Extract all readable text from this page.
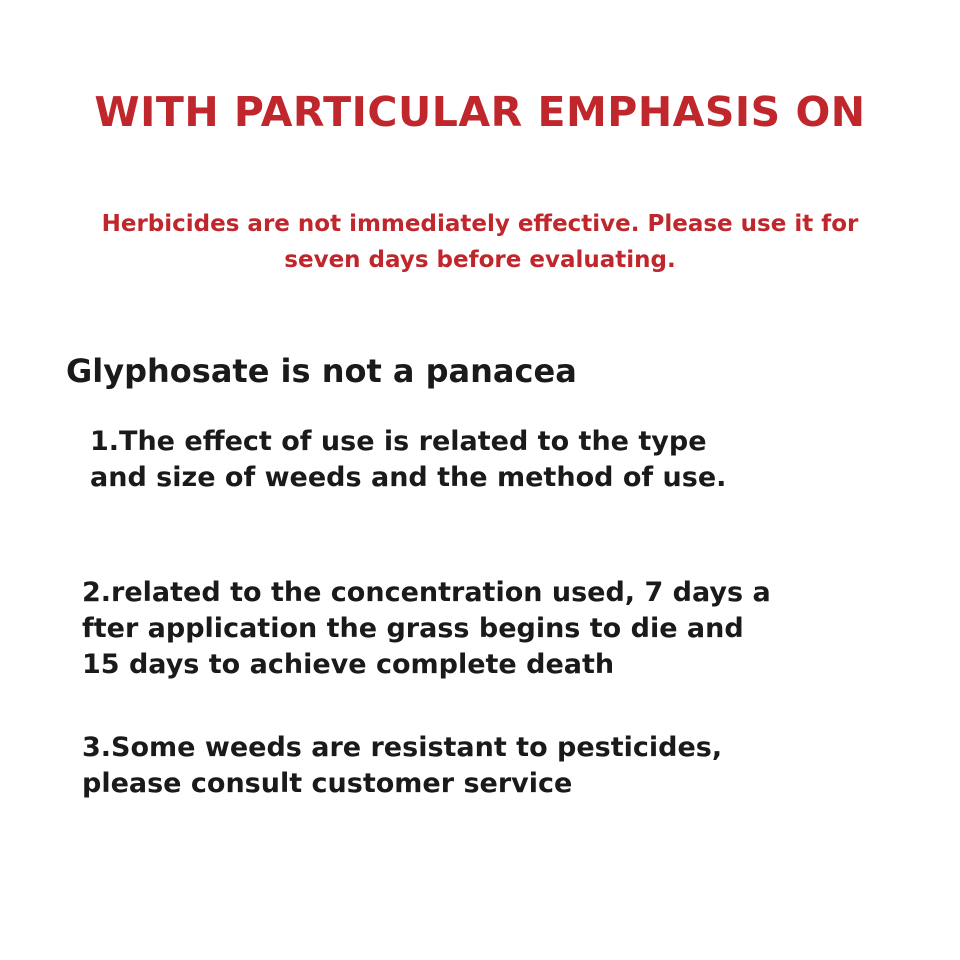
WITH PARTICULAR EMPHASIS ON
Herbicides are not immediately effective. Please use it for
seven days before evaluating.
Glyphosate is not a panacea
1.The effect of use is related to the type
and size of weeds and the method of use.
2.related to the concentration used, 7 days a
fter application the grass begins to die and
15 days to achieve complete death
3.Some weeds are resistant to pesticides,
please consult customer service
